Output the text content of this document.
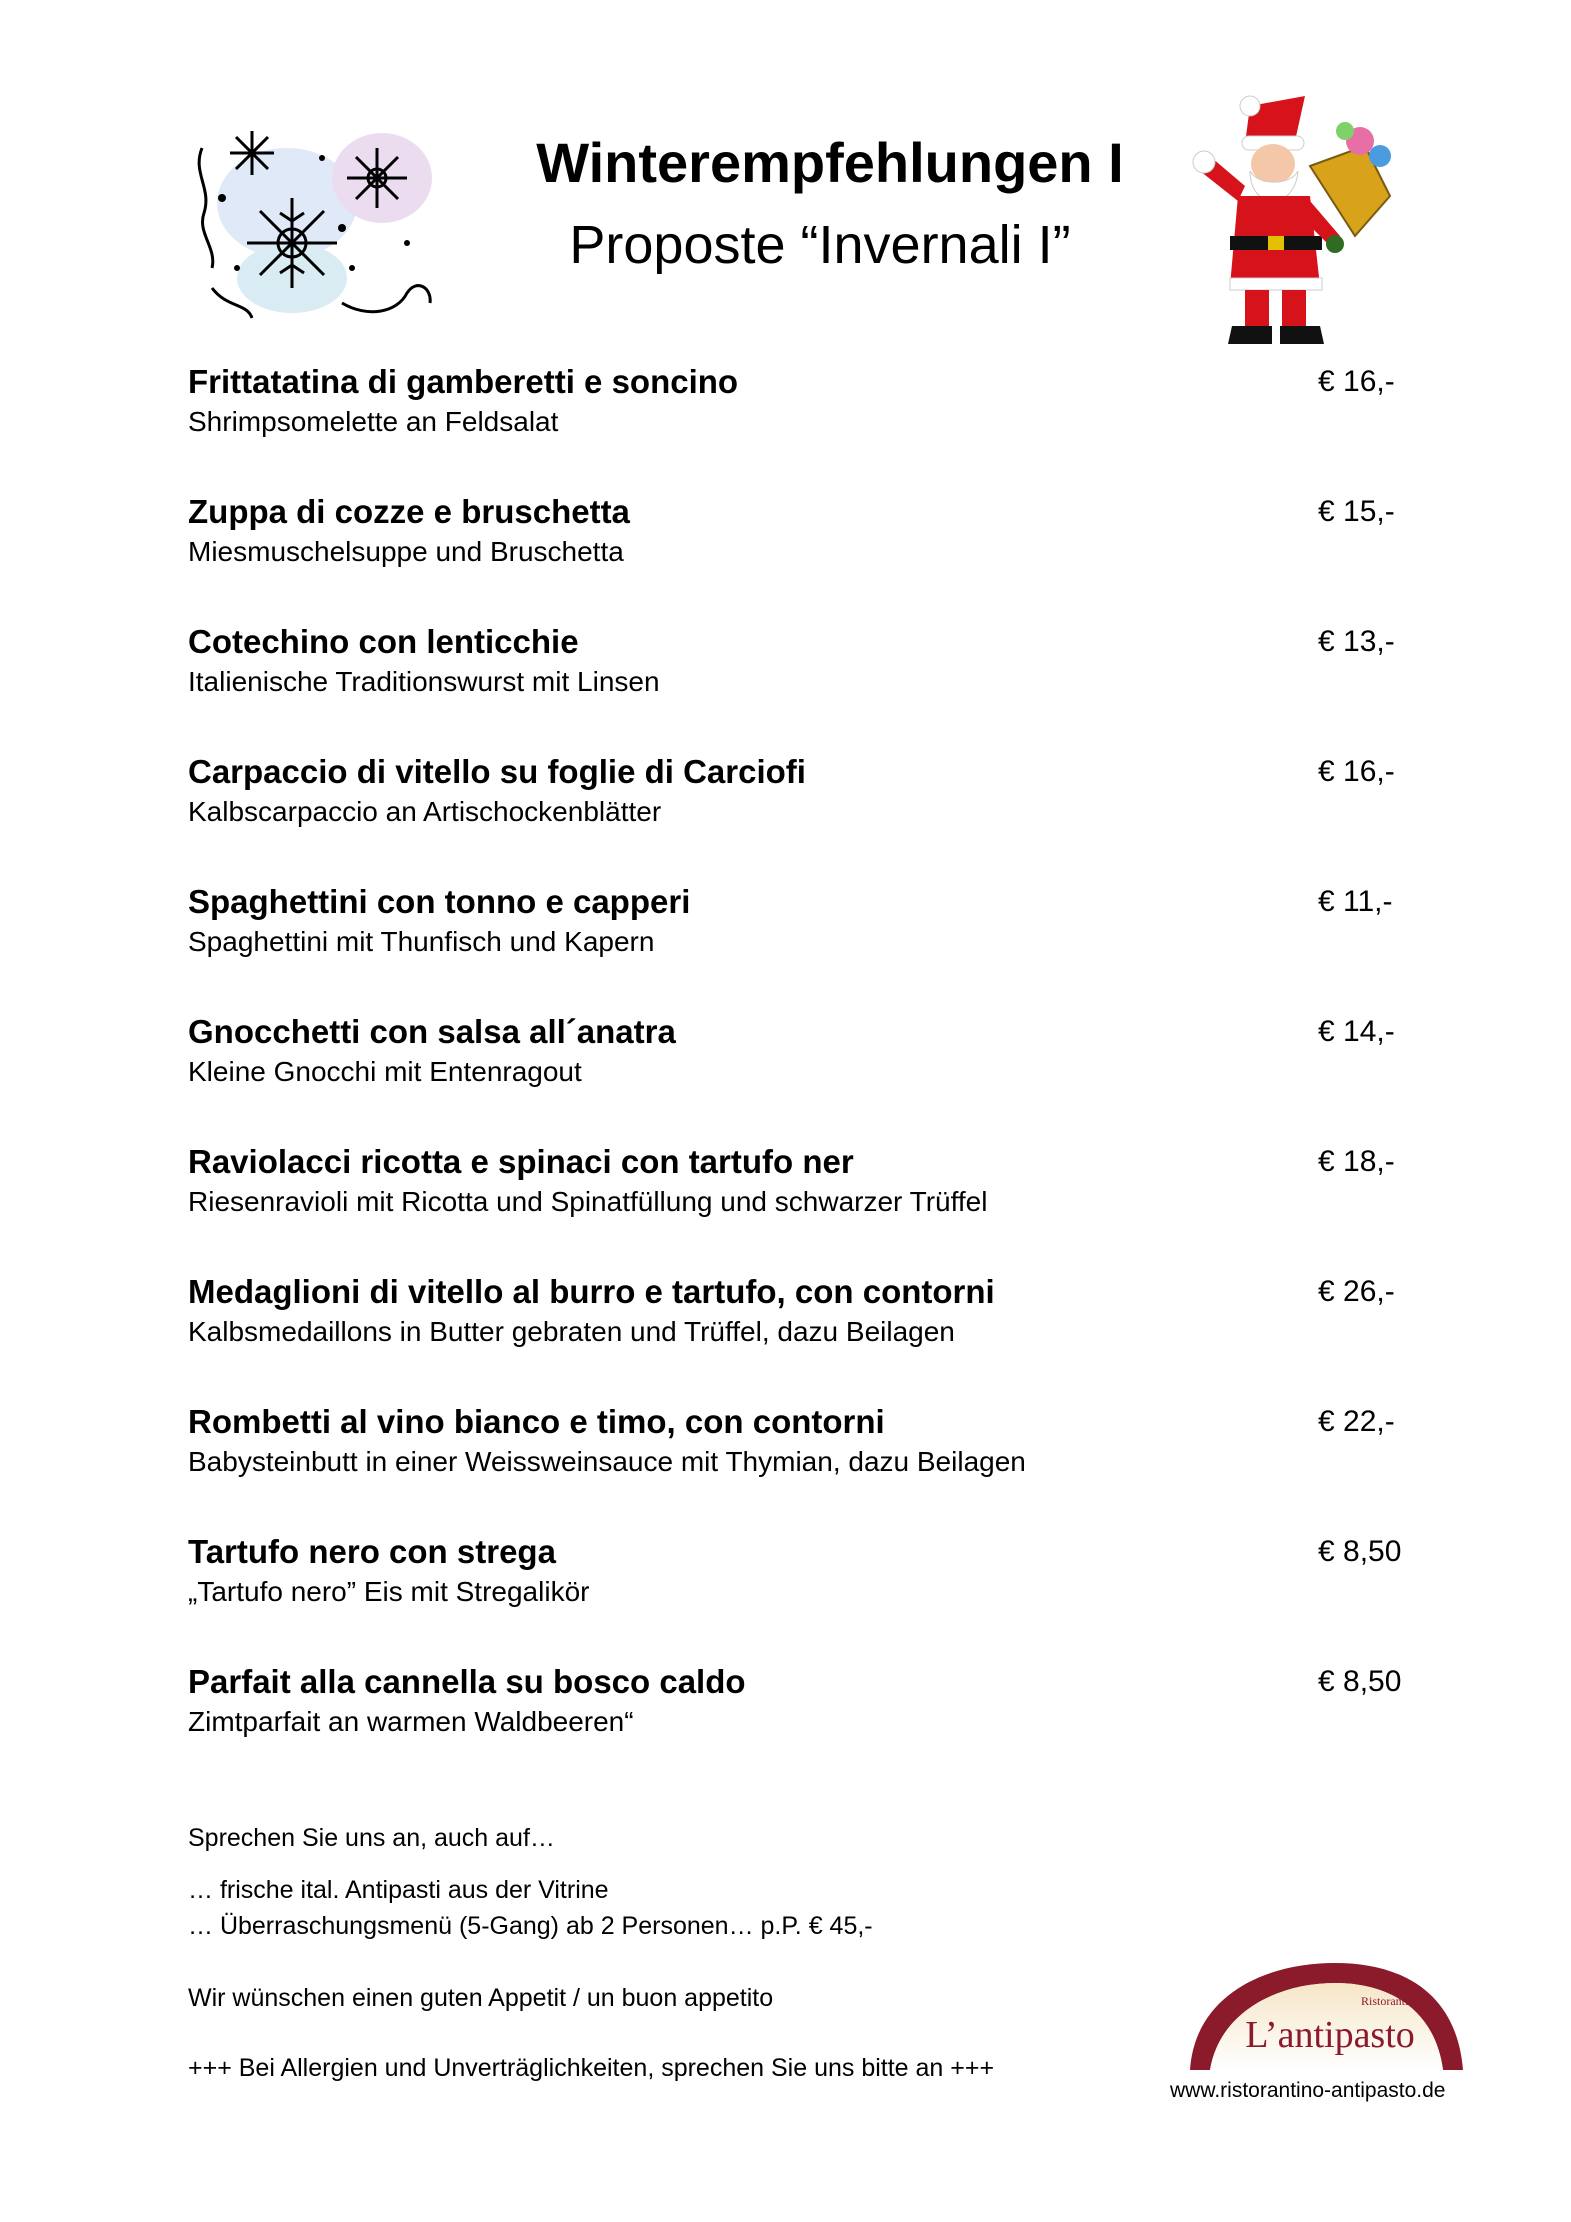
Winterempfehlungen I
Proposte “Invernali I”
Frittatatina di gamberetti e soncino
Shrimpsomelette an Feldsalat
€ 16,-
Zuppa di cozze e bruschetta
Miesmuschelsuppe und Bruschetta
€ 15,-
Cotechino con lenticchie
Italienische Traditionswurst mit Linsen
€ 13,-
Carpaccio di vitello su foglie di Carciofi
Kalbscarpaccio an Artischockenblätter
€ 16,-
Spaghettini con tonno e capperi
Spaghettini mit Thunfisch und Kapern
€ 11,-
Gnocchetti con salsa all´anatra
Kleine Gnocchi mit Entenragout
€ 14,-
Raviolacci ricotta e spinaci con tartufo ner
Riesenravioli mit Ricotta und Spinatfüllung und schwarzer Trüffel
€ 18,-
Medaglioni di vitello al burro e tartufo, con contorni
Kalbsmedaillons in Butter gebraten und Trüffel, dazu Beilagen
€ 26,-
Rombetti al vino bianco e timo, con contorni
Babysteinbutt in einer Weissweinsauce mit Thymian, dazu Beilagen
€ 22,-
Tartufo nero con strega
„Tartufo nero” Eis mit Stregalikör
€ 8,50
Parfait alla cannella su bosco caldo
Zimtparfait an warmen Waldbeeren“
€ 8,50
Sprechen Sie uns an, auch auf…
… frische ital. Antipasti aus der Vitrine
… Überraschungsmenü (5-Gang) ab 2 Personen… p.P. € 45,-
Wir wünschen einen guten Appetit / un buon appetito
+++ Bei Allergien und Unverträglichkeiten, sprechen Sie uns bitte an +++
Ristorantino
L’antipasto
www.ristorantino-antipasto.de
